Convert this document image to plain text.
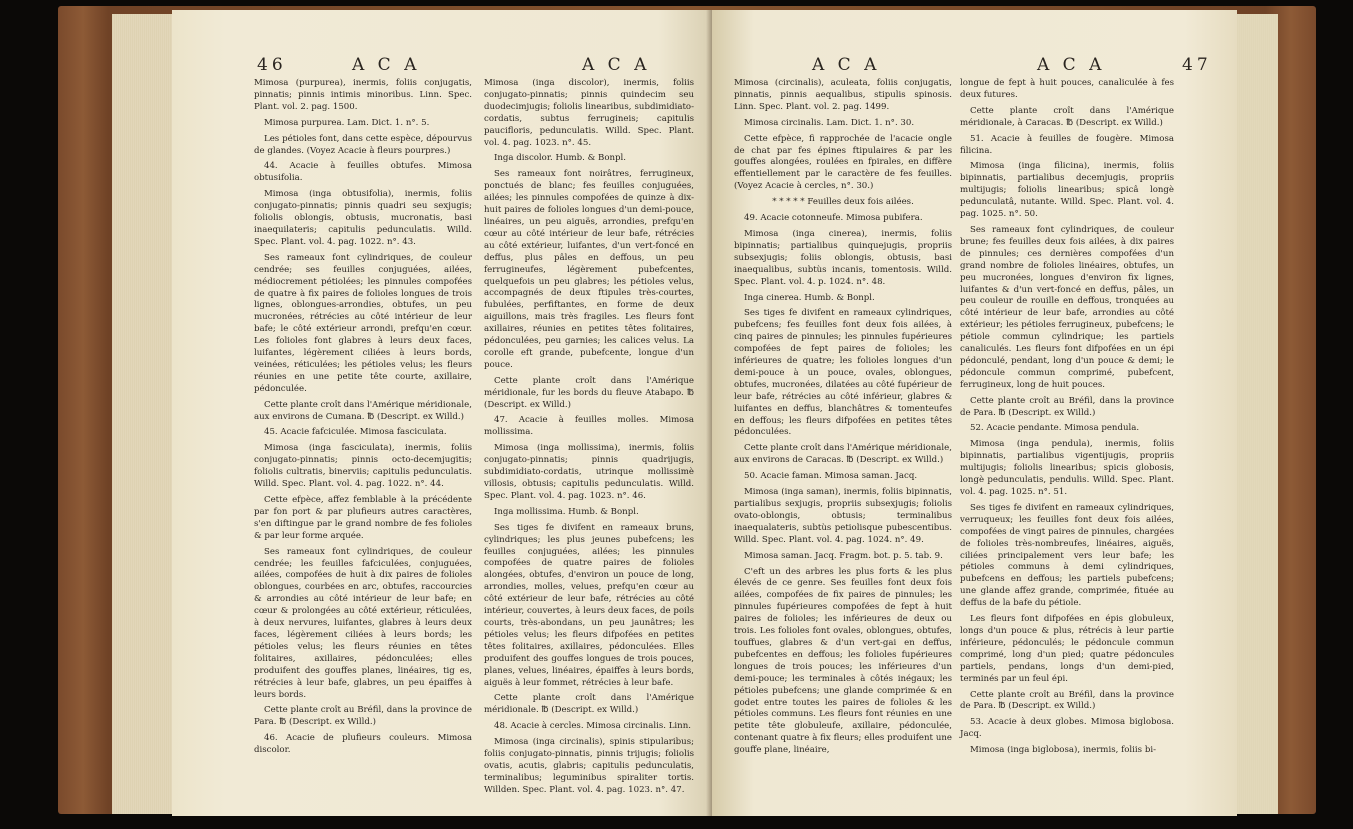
46	A C A	A C A

Mimosa (purpurea), inermis, foliis conjugatis, pinnatis; pinnis intimis minoribus. Linn. Spec. Plant. vol. 2. pag. 1500.

Mimosa purpurea. Lam. Dict. 1. n°. 5.

Les pétioles font, dans cette espèce, dépourvus de glandes. (Voyez Acacie à fleurs pourpres.)

44. Acacie à feuilles obtufes. Mimosa obtusifolia.

Mimosa (inga obtusifolia), inermis, foliis conjugato-pinnatis; pinnis quadri seu sexjugis; foliolis oblongis, obtusis, mucronatis, basi inaequilateris; capitulis pedunculatis. Willd. Spec. Plant. vol. 4. pag. 1022. n°. 43.

Ses rameaux font cylindriques, de couleur cendrée; ses feuilles conjuguées, ailées, médiocrement pétiolées; les pinnules compofées de quatre à fix paires de folioles longues de trois lignes, oblongues-arrondies, obtufes, un peu mucronées, rétrécies au côté intérieur de leur bafe; le côté extérieur arrondi, prefqu'en cœur. Les folioles font glabres à leurs deux faces, luifantes, légèrement ciliées à leurs bords, veinées, réticulées; les pétioles velus; les fleurs réunies en une petite tête courte, axillaire, pédonculée.

Cette plante croît dans l'Amérique méridionale, aux environs de Cumana. ℔ (Descript. ex Willd.)

45. Acacie fafciculée. Mimosa fasciculata.

Mimosa (inga fasciculata), inermis, foliis conjugato-pinnatis; pinnis octo-decemjugitis; foliolis cultratis, binerviis; capitulis pedunculatis. Willd. Spec. Plant. vol. 4. pag. 1022. n°. 44.

Cette efpèce, affez femblable à la précédente par fon port & par plufieurs autres caractères, s'en diftingue par le grand nombre de fes folioles & par leur forme arquée.

Ses rameaux font cylindriques, de couleur cendrée; les feuilles fafciculées, conjuguées, ailées, compofées de huit à dix paires de folioles oblongues, courbées en arc, obtufes, raccourcies & arrondies au côté intérieur de leur bafe; en cœur & prolongées au côté extérieur, réticulées, à deux nervures, luifantes, glabres à leurs deux faces, légèrement ciliées à leurs bords; les pétioles velus; les fleurs réunies en têtes folitaires, axillaires, pédonculées; elles produifent des gouffes planes, linéaires, tig es, rétrécies à leur bafe, glabres, un peu épaiffes à leurs bords.

Cette plante croît au Bréfil, dans la province de Para. ℔ (Descript. ex Willd.)

46. Acacie de plufieurs couleurs. Mimosa discolor.

Mimosa (inga discolor), inermis, foliis conjugato-pinnatis; pinnis quindecim seu duodecimjugis; foliolis linearibus, subdimidiato-cordatis, subtus ferrugineis; capitulis paucifloris, pedunculatis. Willd. Spec. Plant. vol. 4. pag. 1023. n°. 45.

Inga discolor. Humb. & Bonpl.

Ses rameaux font noirâtres, ferrugineux, ponctués de blanc; fes feuilles conjuguées, ailées; les pinnules compofées de quinze à dix-huit paires de folioles longues d'un demi-pouce, linéaires, un peu aiguës, arrondies, prefqu'en cœur au côté intérieur de leur bafe, rétrécies au côté extérieur, luifantes, d'un vert-foncé en deffus, plus pâles en deffous, un peu ferrugineufes, légèrement pubefcentes, quelquefois un peu glabres; les pétioles velus, accompagnés de deux ftipules très-courtes, fubulées, perfiftantes, en forme de deux aiguillons, mais très fragiles. Les fleurs font axillaires, réunies en petites têtes folitaires, pédonculées, peu garnies; les calices velus. La corolle eft grande, pubefcente, longue d'un pouce.

Cette plante croît dans l'Amérique méridionale, fur les bords du fleuve Atabapo. ℔ (Descript. ex Willd.)

47. Acacie à feuilles molles. Mimosa mollissima.

Mimosa (inga mollissima), inermis, foliis conjugato-pinnatis; pinnis quadrijugis, subdimidiato-cordatis, utrinque mollissimè villosis, obtusis; capitulis pedunculatis. Willd. Spec. Plant. vol. 4. pag. 1023. n°. 46.

Inga mollissima. Humb. & Bonpl.

Ses tiges fe divifent en rameaux bruns, cylindriques; les plus jeunes pubefcens; les feuilles conjuguées, ailées; les pinnules compofées de quatre paires de folioles alongées, obtufes, d'environ un pouce de long, arrondies, molles, velues, prefqu'en cœur au côté extérieur de leur bafe, rétrécies au côté intérieur, couvertes, à leurs deux faces, de poils courts, très-abondans, un peu jaunâtres; les pétioles velus; les fleurs difpofées en petites têtes folitaires, axillaires, pédonculées. Elles produifent des gouffes longues de trois pouces, planes, velues, linéaires, épaiffes à leurs bords, aiguës à leur fommet, rétrécies à leur bafe.

Cette plante croît dans l'Amérique méridionale. ℔ (Descript. ex Willd.)

48. Acacie à cercles. Mimosa circinalis. Linn.

Mimosa (inga circinalis), spinis stipularibus; foliis conjugato-pinnatis, pinnis trijugis; foliolis ovatis, acutis, glabris; capitulis pedunculatis, terminalibus; leguminibus spiraliter tortis. Willden. Spec. Plant. vol. 4. pag. 1023. n°. 47.

A C A	A C A	47

Mimosa (circinalis), aculeata, foliis conjugatis, pinnatis, pinnis aequalibus, stipulis spinosis. Linn. Spec. Plant. vol. 2. pag. 1499.

Mimosa circinalis. Lam. Dict. 1. n°. 30.

Cette efpèce, fi rapprochée de l'acacie ongle de chat par fes épines ftipulaires & par les gouffes alongées, roulées en fpirales, en diffère effentiellement par le caractère de fes feuilles. (Voyez Acacie à cercles, n°. 30.)

* * * * * Feuilles deux fois ailées.

49. Acacie cotonneufe. Mimosa pubifera.

Mimosa (inga cinerea), inermis, foliis bipinnatis; partialibus quinquejugis, propriis subsexjugis; foliis oblongis, obtusis, basi inaequalibus, subtùs incanis, tomentosis. Willd. Spec. Plant. vol. 4. p. 1024. n°. 48.

Inga cinerea. Humb. & Bonpl.

Ses tiges fe divifent en rameaux cylindriques, pubefcens; fes feuilles font deux fois ailées, à cinq paires de pinnules; les pinnules fupérieures compofées de fept paires de folioles; les inférieures de quatre; les folioles longues d'un demi-pouce à un pouce, ovales, oblongues, obtufes, mucronées, dilatées au côté fupérieur de leur bafe, rétrécies au côté inférieur, glabres & luifantes en deffus, blanchâtres & tomenteufes en deffous; les fleurs difpofées en petites têtes pédonculées.

Cette plante croît dans l'Amérique méridionale, aux environs de Caracas. ℔ (Descript. ex Willd.)

50. Acacie faman. Mimosa saman. Jacq.

Mimosa (inga saman), inermis, foliis bipinnatis, partialibus sexjugis, propriis subsexjugis; foliolis ovato-oblongis, obtusis; terminalibus inaequalateris, subtùs petiolisque pubescentibus. Willd. Spec. Plant. vol. 4. pag. 1024. n°. 49.

Mimosa saman. Jacq. Fragm. bot. p. 5. tab. 9.

C'eft un des arbres les plus forts & les plus élevés de ce genre. Ses feuilles font deux fois ailées, compofées de fix paires de pinnules; les pinnules fupérieures compofées de fept à huit paires de folioles; les inférieures de deux ou trois. Les folioles font ovales, oblongues, obtufes, touffues, glabres & d'un vert-gai en deffus, pubefcentes en deffous; les folioles fupérieures longues de trois pouces; les inférieures d'un demi-pouce; les terminales à côtés inégaux; les pétioles pubefcens; une glande comprimée & en godet entre toutes les paires de folioles & les pétioles communs. Les fleurs font réunies en une petite tête globuleufe, axillaire, pédonculée, contenant quatre à fix fleurs; elles produifent une gouffe plane, linéaire,

longue de fept à huit pouces, canaliculée à fes deux futures.

Cette plante croît dans l'Amérique méridionale, à Caracas. ℔ (Descript. ex Willd.)

51. Acacie à feuilles de fougère. Mimosa filicina.

Mimosa (inga filicina), inermis, foliis bipinnatis, partialibus decemjugis, propriis multijugis; foliolis linearibus; spicâ longè pedunculatâ, nutante. Willd. Spec. Plant. vol. 4. pag. 1025. n°. 50.

Ses rameaux font cylindriques, de couleur brune; fes feuilles deux fois ailées, à dix paires de pinnules; ces dernières compofées d'un grand nombre de folioles linéaires, obtufes, un peu mucronées, longues d'environ fix lignes, luifantes & d'un vert-foncé en deffus, pâles, un peu couleur de rouille en deffous, tronquées au côté intérieur de leur bafe, arrondies au côté extérieur; les pétioles ferrugineux, pubefcens; le pétiole commun cylindrique; les partiels canaliculés. Les fleurs font difpofées en un épi pédonculé, pendant, long d'un pouce & demi; le pédoncule commun comprimé, pubefcent, ferrugineux, long de huit pouces.

Cette plante croît au Bréfil, dans la province de Para. ℔ (Descript. ex Willd.)

52. Acacie pendante. Mimosa pendula.

Mimosa (inga pendula), inermis, foliis bipinnatis, partialibus vigentijugis, propriis multijugis; foliolis linearibus; spicis globosis, longè pedunculatis, pendulis. Willd. Spec. Plant. vol. 4. pag. 1025. n°. 51.

Ses tiges fe divifent en rameaux cylindriques, verruqueux; les feuilles font deux fois ailées, compofées de vingt paires de pinnules, chargées de folioles très-nombreufes, linéaires, aiguës, ciliées principalement vers leur bafe; les pétioles communs à demi cylindriques, pubefcens en deffous; les partiels pubefcens; une glande affez grande, comprimée, fituée au deffus de la bafe du pétiole.

Les fleurs font difpofées en épis globuleux, longs d'un pouce & plus, rétrécis à leur partie inférieure, pédonculés; le pédoncule commun comprimé, long d'un pied; quatre pédoncules partiels, pendans, longs d'un demi-pied, terminés par un feul épi.

Cette plante croît au Bréfil, dans la province de Para. ℔ (Descript. ex Willd.)

53. Acacie à deux globes. Mimosa biglobosa. Jacq.

Mimosa (inga biglobosa), inermis, foliis bi-
